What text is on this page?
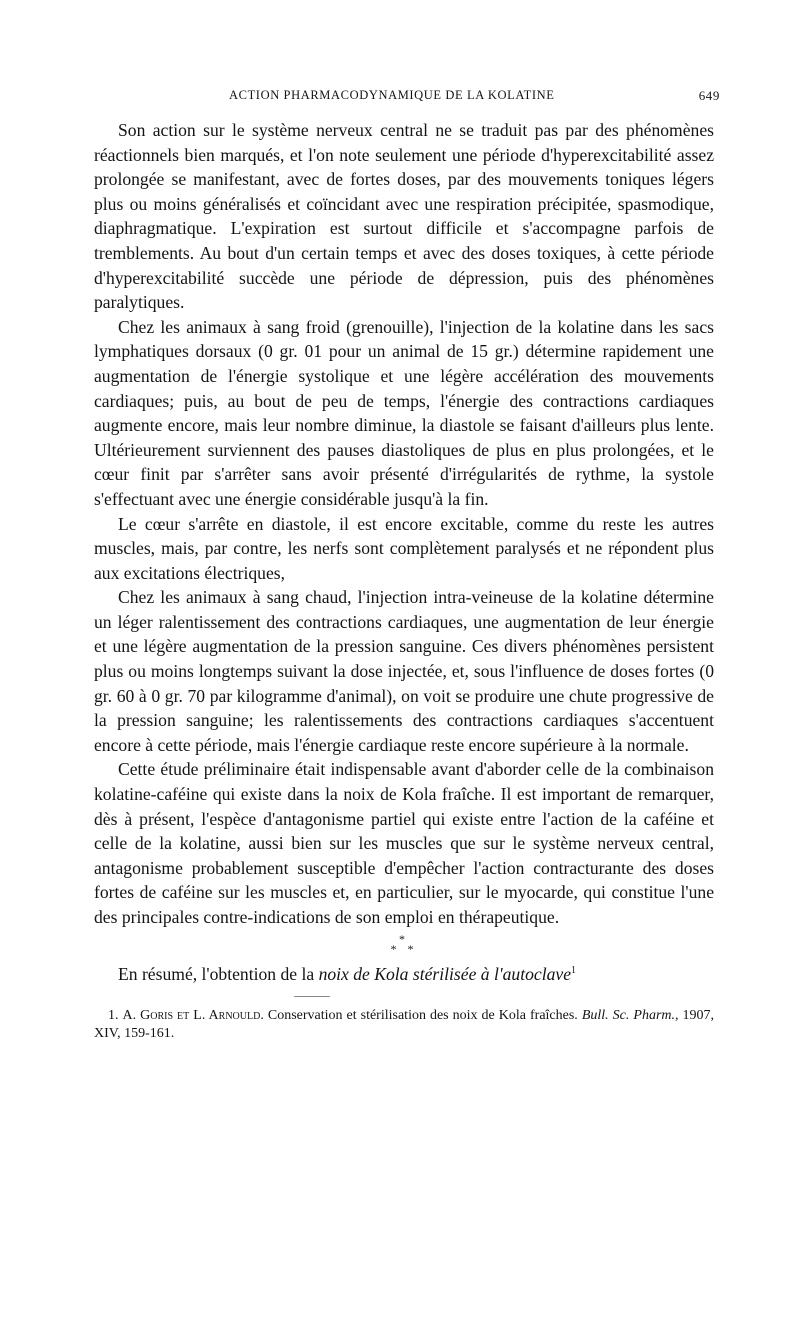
ACTION PHARMACODYNAMIQUE DE LA KOLATINE	649

Son action sur le système nerveux central ne se traduit pas par des phénomènes réactionnels bien marqués, et l'on note seulement une période d'hyperexcitabilité assez prolongée se manifestant, avec de fortes doses, par des mouvements toniques légers plus ou moins généralisés et coïncidant avec une respiration précipitée, spasmodique, diaphragmatique. L'expiration est surtout difficile et s'accompagne parfois de tremblements. Au bout d'un certain temps et avec des doses toxiques, à cette période d'hyperexcitabilité succède une période de dépression, puis des phénomènes paralytiques.

Chez les animaux à sang froid (grenouille), l'injection de la kolatine dans les sacs lymphatiques dorsaux (0 gr. 01 pour un animal de 15 gr.) détermine rapidement une augmentation de l'énergie systolique et une légère accélération des mouvements cardiaques; puis, au bout de peu de temps, l'énergie des contractions cardiaques augmente encore, mais leur nombre diminue, la diastole se faisant d'ailleurs plus lente. Ultérieurement surviennent des pauses diastoliques de plus en plus prolongées, et le cœur finit par s'arrêter sans avoir présenté d'irrégularités de rythme, la systole s'effectuant avec une énergie considérable jusqu'à la fin.

Le cœur s'arrête en diastole, il est encore excitable, comme du reste les autres muscles, mais, par contre, les nerfs sont complètement paralysés et ne répondent plus aux excitations électriques,

Chez les animaux à sang chaud, l'injection intra-veineuse de la kolatine détermine un léger ralentissement des contractions cardiaques, une augmentation de leur énergie et une légère augmentation de la pression sanguine. Ces divers phénomènes persistent plus ou moins longtemps suivant la dose injectée, et, sous l'influence de doses fortes (0 gr. 60 à 0 gr. 70 par kilogramme d'animal), on voit se produire une chute progressive de la pression sanguine; les ralentissements des contractions cardiaques s'accentuent encore à cette période, mais l'énergie cardiaque reste encore supérieure à la normale.

Cette étude préliminaire était indispensable avant d'aborder celle de la combinaison kolatine-caféine qui existe dans la noix de Kola fraîche. Il est important de remarquer, dès à présent, l'espèce d'antagonisme partiel qui existe entre l'action de la caféine et celle de la kolatine, aussi bien sur les muscles que sur le système nerveux central, antagonisme probablement susceptible d'empêcher l'action contracturante des doses fortes de caféine sur les muscles et, en particulier, sur le myocarde, qui constitue l'une des principales contre-indications de son emploi en thérapeutique.

*
* *

En résumé, l'obtention de la noix de Kola stérilisée à l'autoclave$^1$

1. A. Goris et L. Arnould. Conservation et stérilisation des noix de Kola fraîches. Bull. Sc. Pharm., 1907, XIV, 159-161.
